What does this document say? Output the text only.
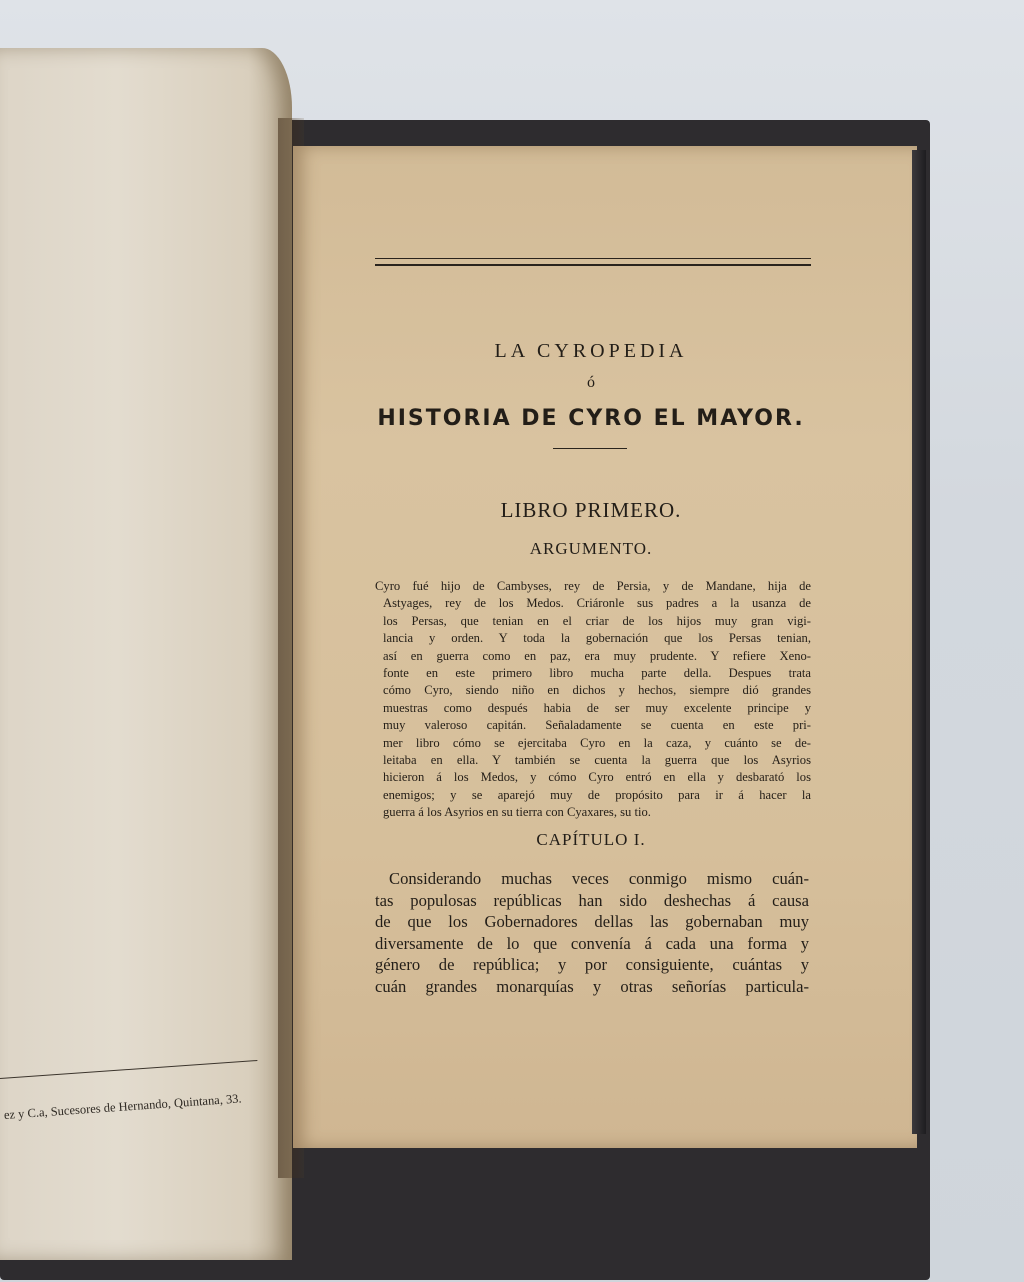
ez y C.a, Sucesores de Hernando, Quintana, 33.
LA CYROPEDIA
ó
HISTORIA DE CYRO EL MAYOR.
LIBRO PRIMERO.
ARGUMENTO.
Cyro fué hijo de Cambyses, rey de Persia, y de Mandane, hija de
Astyages, rey de los Medos. Criáronle sus padres a la usanza de
los Persas, que tenian en el criar de los hijos muy gran vigi-
lancia y orden. Y toda la gobernación que los Persas tenian,
así en guerra como en paz, era muy prudente. Y refiere Xeno-
fonte en este primero libro mucha parte della. Despues trata
cómo Cyro, siendo niño en dichos y hechos, siempre dió grandes
muestras como después habia de ser muy excelente principe y
muy valeroso capitán. Señaladamente se cuenta en este pri-
mer libro cómo se ejercitaba Cyro en la caza, y cuánto se de-
leitaba en ella. Y también se cuenta la guerra que los Asyrios
hicieron á los Medos, y cómo Cyro entró en ella y desbarató los
enemigos; y se aparejó muy de propósito para ir á hacer la
guerra á los Asyrios en su tierra con Cyaxares, su tio.
CAPÍTULO I.
Considerando muchas veces conmigo mismo cuán-
tas populosas repúblicas han sido deshechas á causa
de que los Gobernadores dellas las gobernaban muy
diversamente de lo que convenía á cada una forma y
género de república; y por consiguiente, cuántas y
cuán grandes monarquías y otras señorías particula-
